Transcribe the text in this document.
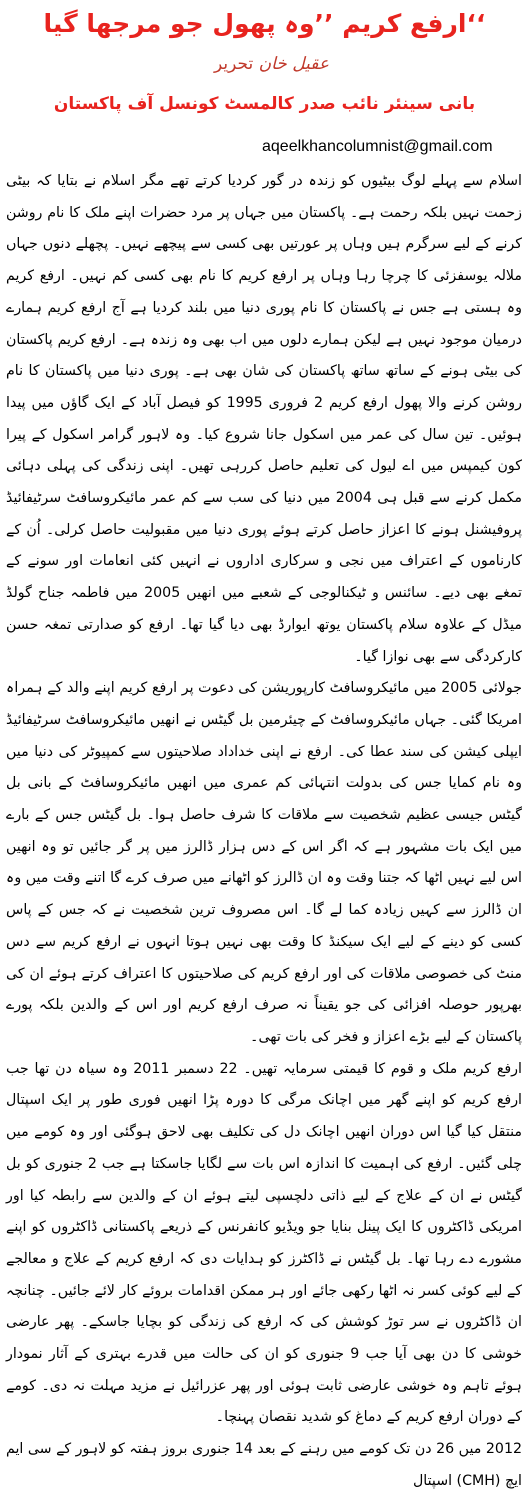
ارفع کریم ’’وہ پھول جو مرجھا گیا‘‘
عقیل خان تحریر
بانی سینئر نائب صدر کالمسٹ کونسل آف پاکستان
aqeelkhancolumnist@gmail.com

اسلام سے پہلے لوگ بیٹیوں کو زندہ در گور کردیا کرتے تھے مگر اسلام نے بتایا کہ بیٹی زحمت نہیں بلکہ رحمت ہے۔ پاکستان میں جہاں پر مرد حضرات اپنے ملک کا نام روشن کرنے کے لیے سرگرم ہیں وہاں پر عورتیں بھی کسی سے پیچھے نہیں۔ پچھلے دنوں جہاں ملالہ یوسفزئی کا چرچا رہا وہاں پر ارفع کریم کا نام بھی کسی کم نہیں۔ ارفع کریم وہ ہستی ہے جس نے پاکستان کا نام پوری دنیا میں بلند کردیا ہے آج ارفع کریم ہمارے درمیان موجود نہیں ہے لیکن ہمارے دلوں میں اب بھی وہ زندہ ہے۔ ارفع کریم پاکستان کی بیٹی ہونے کے ساتھ ساتھ پاکستان کی شان بھی ہے۔ پوری دنیا میں پاکستان کا نام روشن کرنے والا پھول ارفع کریم 2 فروری 1995 کو فیصل آباد کے ایک گاؤں میں پیدا ہوئیں۔ تین سال کی عمر میں اسکول جانا شروع کیا۔ وہ لاہور گرامر اسکول کے پیرا کون کیمپس میں اے لیول کی تعلیم حاصل کررہی تھیں۔ اپنی زندگی کی پہلی دہائی مکمل کرنے سے قبل ہی 2004 میں دنیا کی سب سے کم عمر مائیکروسافٹ سرٹیفائیڈ پروفیشنل ہونے کا اعزاز حاصل کرتے ہوئے پوری دنیا میں مقبولیت حاصل کرلی۔ اُن کے کارناموں کے اعتراف میں نجی و سرکاری اداروں نے انہیں کئی انعامات اور سونے کے تمغے بھی دیے۔ سائنس و ٹیکنالوجی کے شعبے میں انھیں 2005 میں فاطمہ جناح گولڈ میڈل کے علاوہ سلام پاکستان یوتھ ایوارڈ بھی دیا گیا تھا۔ ارفع کو صدارتی تمغہ حسن کارکردگی سے بھی نوازا گیا۔

جولائی 2005 میں مائیکروسافٹ کارپوریشن کی دعوت پر ارفع کریم اپنے والد کے ہمراہ امریکا گئی۔ جہاں مائیکروسافٹ کے چیئرمین بل گیٹس نے انھیں مائیکروسافٹ سرٹیفائیڈ ایپلی کیشن کی سند عطا کی۔ ارفع نے اپنی خداداد صلاحیتوں سے کمپیوٹر کی دنیا میں وہ نام کمایا جس کی بدولت انتہائی کم عمری میں انھیں مائیکروسافٹ کے بانی بل گیٹس جیسی عظیم شخصیت سے ملاقات کا شرف حاصل ہوا۔ بل گیٹس جس کے بارے میں ایک بات مشہور ہے کہ اگر اس کے دس ہزار ڈالرز میں پر گر جائیں تو وہ انھیں اس لیے نہیں اٹھا کہ جتنا وقت وہ ان ڈالرز کو اٹھانے میں صرف کرے گا اتنے وقت میں وہ ان ڈالرز سے کہیں زیادہ کما لے گا۔ اس مصروف ترین شخصیت نے کہ جس کے پاس کسی کو دینے کے لیے ایک سیکنڈ کا وقت بھی نہیں ہوتا انہوں نے ارفع کریم سے دس منٹ کی خصوصی ملاقات کی اور ارفع کریم کی صلاحیتوں کا اعتراف کرتے ہوئے ان کی بھرپور حوصلہ افزائی کی جو یقیناً نہ صرف ارفع کریم اور اس کے والدین بلکہ پورے پاکستان کے لیے بڑے اعزاز و فخر کی بات تھی۔

ارفع کریم ملک و قوم کا قیمتی سرمایہ تھیں۔ 22 دسمبر 2011 وہ سیاہ دن تھا جب ارفع کریم کو اپنے گھر میں اچانک مرگی کا دورہ پڑا انھیں فوری طور پر ایک اسپتال منتقل کیا گیا اس دوران انھیں اچانک دل کی تکلیف بھی لاحق ہوگئی اور وہ کومے میں چلی گئیں۔ ارفع کی اہمیت کا اندازہ اس بات سے لگایا جاسکتا ہے جب 2 جنوری کو بل گیٹس نے ان کے علاج کے لیے ذاتی دلچسپی لیتے ہوئے ان کے والدین سے رابطہ کیا اور امریکی ڈاکٹروں کا ایک پینل بنایا جو ویڈیو کانفرنس کے ذریعے پاکستانی ڈاکٹروں کو اپنے مشورے دے رہا تھا۔ بل گیٹس نے ڈاکٹرز کو ہدایات دی کہ ارفع کریم کے علاج و معالجے کے لیے کوئی کسر نہ اٹھا رکھی جائے اور ہر ممکن اقدامات بروئے کار لائے جائیں۔ چنانچہ ان ڈاکٹروں نے سر توڑ کوشش کی کہ ارفع کی زندگی کو بچایا جاسکے۔ پھر عارضی خوشی کا دن بھی آیا جب 9 جنوری کو ان کی حالت میں قدرے بہتری کے آثار نمودار ہوئے تاہم وہ خوشی عارضی ثابت ہوئی اور پھر عزرائیل نے مزید مہلت نہ دی۔ کومے کے دوران ارفع کریم کے دماغ کو شدید نقصان پہنچا۔

2012 میں 26 دن تک کومے میں رہنے کے بعد 14 جنوری بروز ہفتہ کو لاہور کے سی ایم ایچ (CMH) اسپتال
